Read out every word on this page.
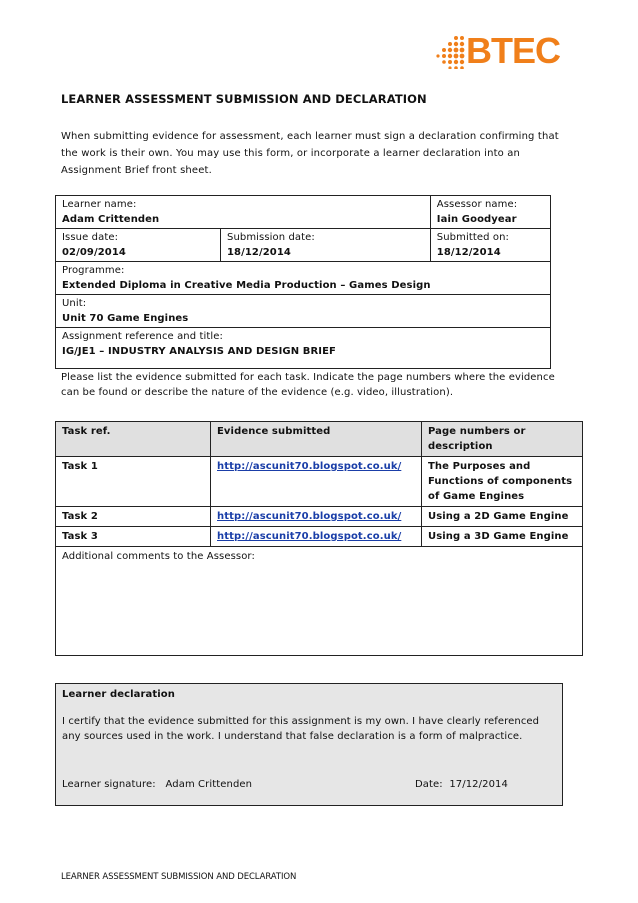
BTEC
LEARNER ASSESSMENT SUBMISSION AND DECLARATION
When submitting evidence for assessment, each learner must sign a declaration confirming that the work is their own. You may use this form, or incorporate a learner declaration into an Assignment Brief front sheet.
Learner name:
Adam Crittenden		Assessor name:
Iain Goodyear

Issue date:
02/09/2014	Submission date:
18/12/2014	Submitted on:
18/12/2014

Programme:
Extended Diploma in Creative Media Production – Games Design		

Unit:
Unit 70 Game Engines		

Assignment reference and title:
IG/JE1 – INDUSTRY ANALYSIS AND DESIGN BRIEF		
Please list the evidence submitted for each task. Indicate the page numbers where the evidence can be found or describe the nature of the evidence (e.g. video, illustration).
Task ref.	Evidence submitted	Page numbers or description
Task 1	http://ascunit70.blogspot.co.uk/	The Purposes and Functions of components of Game Engines
Task 2	http://ascunit70.blogspot.co.uk/	Using a 2D Game Engine
Task 3	http://ascunit70.blogspot.co.uk/	Using a 3D Game Engine
Additional comments to the Assessor:		
Learner declaration
I certify that the evidence submitted for this assignment is my own. I have clearly referenced any sources used in the work. I understand that false declaration is a form of malpractice.
Learner signature:   Adam Crittenden	Date:  17/12/2014
LEARNER ASSESSMENT SUBMISSION AND DECLARATION
